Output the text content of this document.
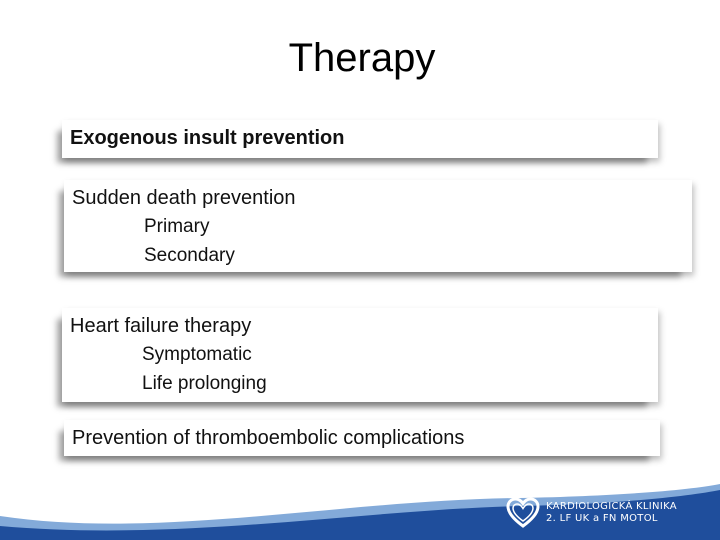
Therapy
Exogenous insult prevention
Sudden death prevention
Primary
Secondary
Heart failure therapy
Symptomatic
Life prolonging
Prevention of thromboembolic complications
KARDIOLOGICKÁ KLINIKA
2. LF UK a FN MOTOL
